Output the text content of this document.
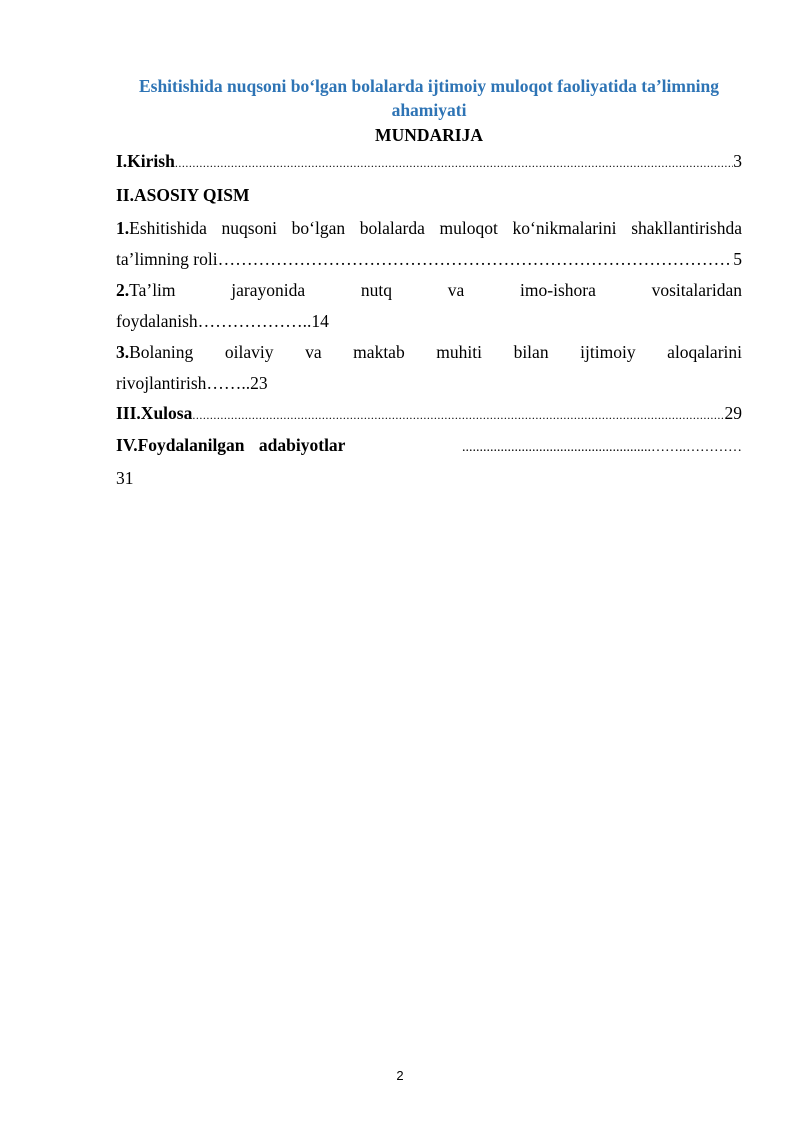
Eshitishida nuqsoni bo‘lgan bolalarda ijtimoiy muloqot faoliyatida ta’limning ahamiyati

MUNDARIJA
I.Kirish .....	3
II.ASOSIY QISM

1.Eshitishida nuqsoni bo‘lgan bolalarda muloqot ko‘nikmalarini shakllantirishda

ta’limning roli ……………………………………………………………………………………………………………………………………	5

2.Ta’lim jarayonida nutq va imo-ishora vositalaridan

foydalanish……………….. 14

3.Bolaning oilaviy va maktab muhiti bilan ijtimoiy aloqalarini

rivojlantirish…….. 23
III.Xulosa .....	29
IV.Foydalanilgan adabiyotlar	......................................................……..…………
31
2
